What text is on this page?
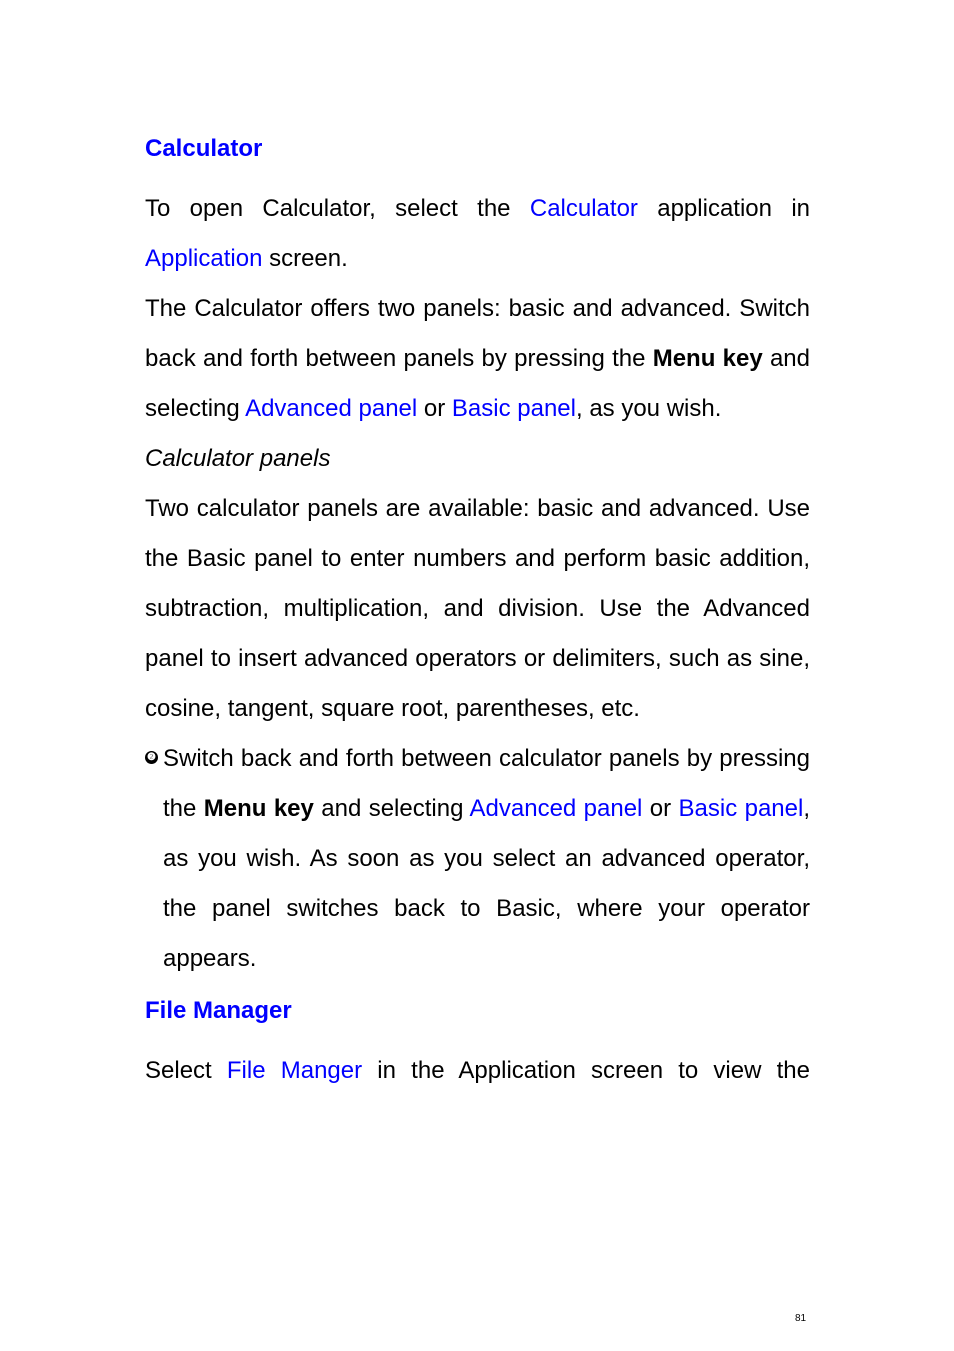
Calculator

To open Calculator, select the Calculator application in Application screen.

The Calculator offers two panels: basic and advanced. Switch back and forth between panels by pressing the Menu key and selecting Advanced panel or Basic panel, as you wish.

Calculator panels

Two calculator panels are available: basic and advanced. Use the Basic panel to enter numbers and perform basic addition, subtraction, multiplication, and division. Use the Advanced panel to insert advanced operators or delimiters, such as sine, cosine, tangent, square root, parentheses, etc.

❷ Switch back and forth between calculator panels by pressing the Menu key and selecting Advanced panel or Basic panel, as you wish. As soon as you select an advanced operator, the panel switches back to Basic, where your operator appears.

File Manager

Select File Manger in the Application screen to view the

81
